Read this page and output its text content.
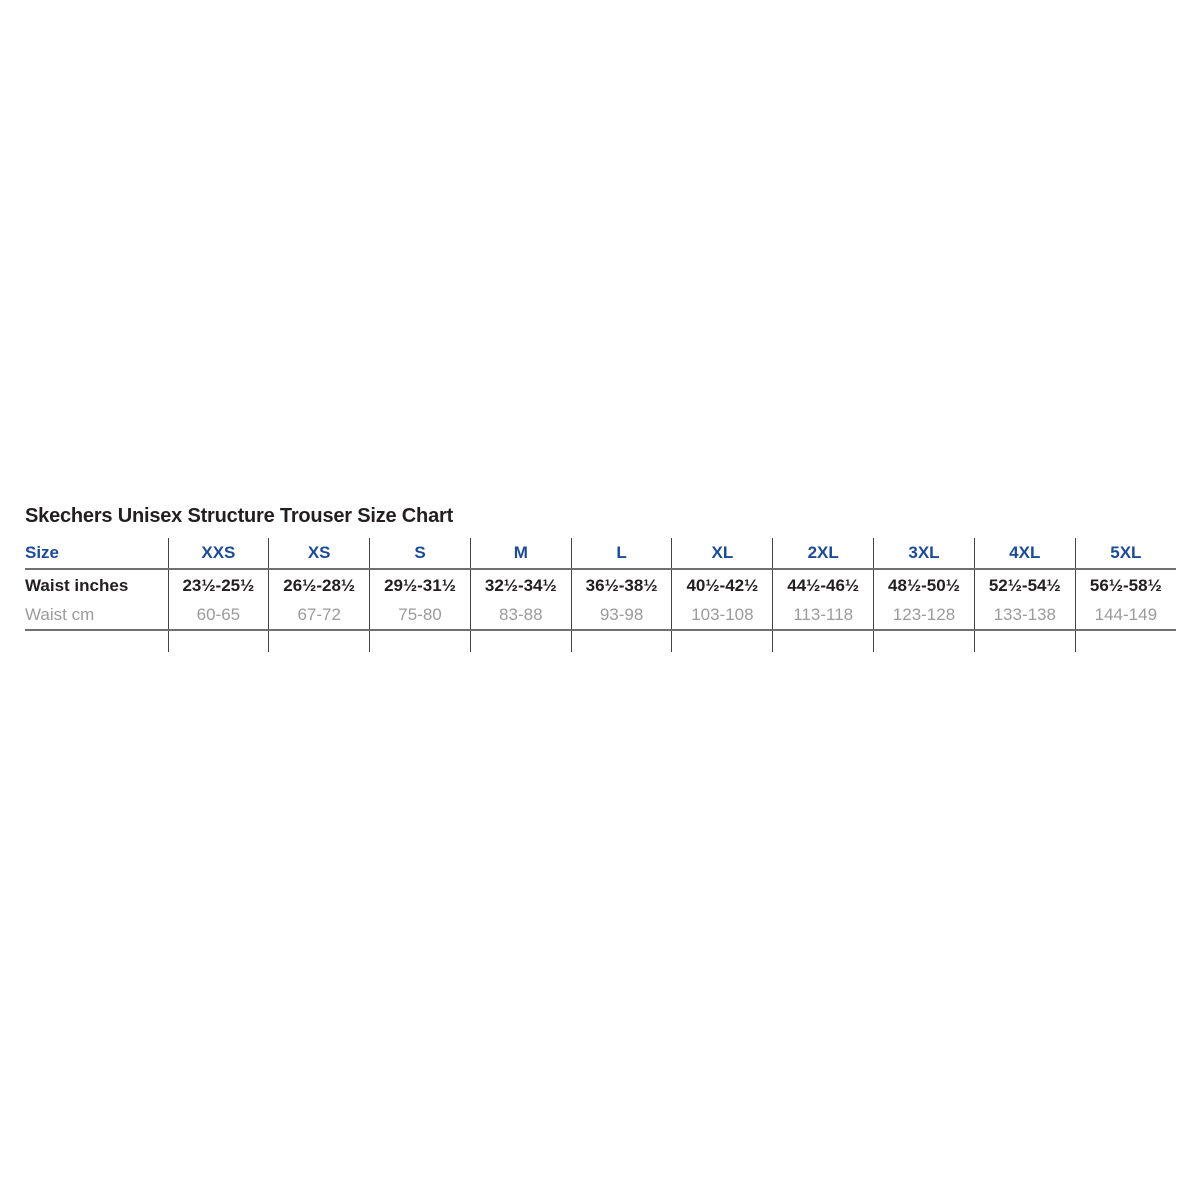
Skechers Unisex Structure Trouser Size Chart
Size	XXS	XS	S	M	L	XL	2XL	3XL	4XL	5XL
Waist inches	23½-25½	26½-28½	29½-31½	32½-34½	36½-38½	40½-42½	44½-46½	48½-50½	52½-54½	56½-58½
Waist cm	60-65	67-72	75-80	83-88	93-98	103-108	113-118	123-128	133-138	144-149
